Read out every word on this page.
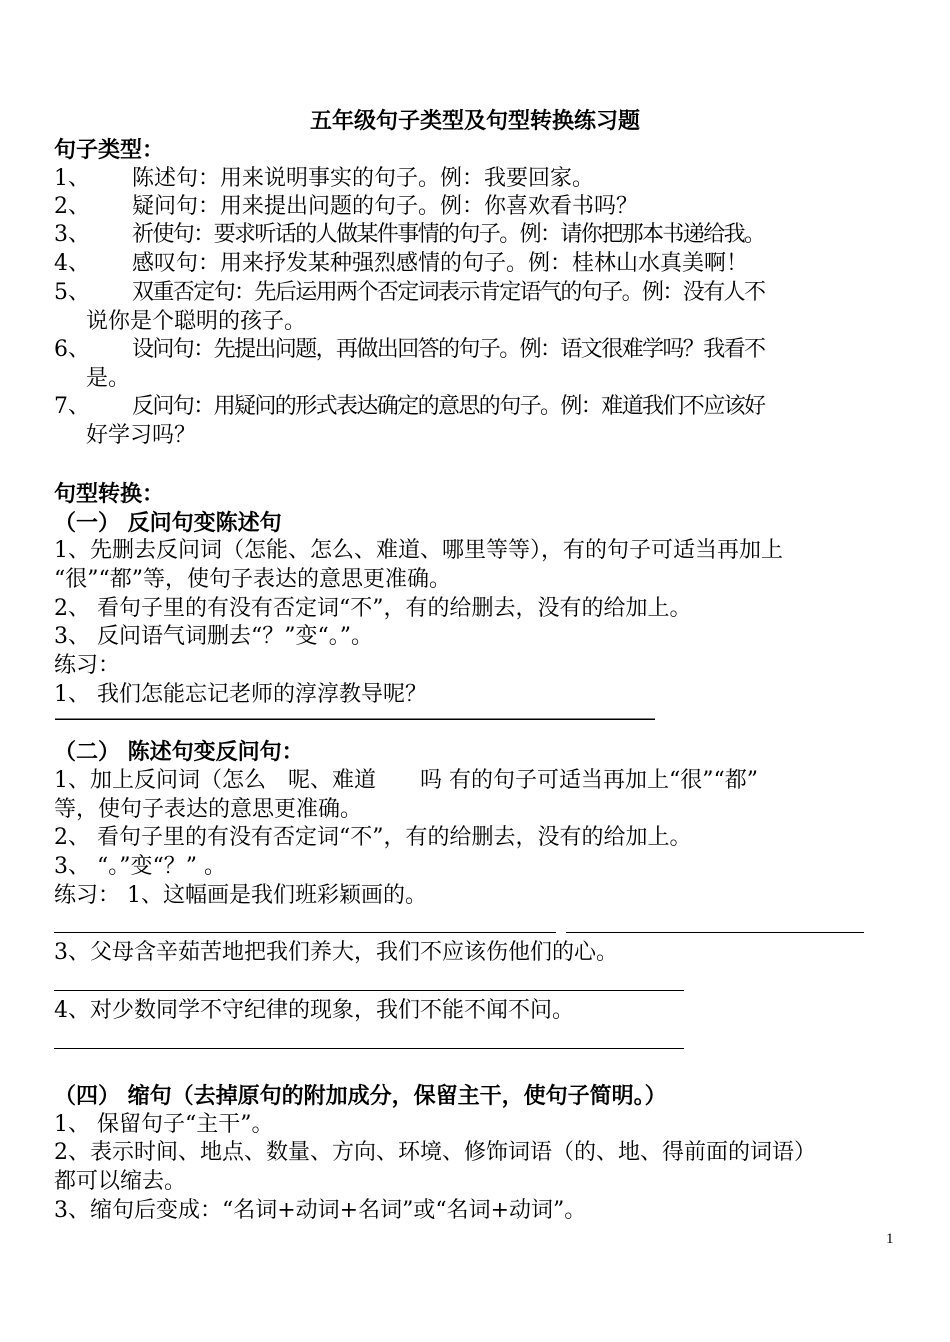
五年级句子类型及句型转换练习题
句子类型：
1、 陈述句：用来说明事实的句子。例：我要回家。
2、 疑问句：用来提出问题的句子。例：你喜欢看书吗？
3、 祈使句：要求听话的人做某件事情的句子。例：请你把那本书递给我。
4、 感叹句：用来抒发某种强烈感情的句子。例：桂林山水真美啊！
5、 双重否定句：先后运用两个否定词表示肯定语气的句子。例：没有人不
说你是个聪明的孩子。
6、 设问句：先提出问题，再做出回答的句子。例：语文很难学吗？我看不
是。
7、 反问句：用疑问的形式表达确定的意思的句子。例：难道我们不应该好
好学习吗？
句型转换：
（一） 反问句变陈述句
1、先删去反问词（怎能、怎么、难道、哪里等等），有的句子可适当再加上
“很”“都”等，使句子表达的意思更准确。
2、 看句子里的有没有否定词“不”，有的给删去，没有的给加上。
3、 反问语气词删去“？”变“。”。
练习：
1、 我们怎能忘记老师的淳淳教导呢？
——————————————————————————————
（二） 陈述句变反问句：
1、加上反问词（怎么　呢、难道　　吗 有的句子可适当再加上“很”“都”
等，使句子表达的意思更准确。
2、 看句子里的有没有否定词“不”，有的给删去，没有的给加上。
3、 “。”变“？” 。
练习： 1、这幅画是我们班彩颖画的。
3、父母含辛茹苦地把我们养大，我们不应该伤他们的心。
4、对少数同学不守纪律的现象，我们不能不闻不问。
（四） 缩句（去掉原句的附加成分，保留主干，使句子简明。）
1、 保留句子“主干”。
2、表示时间、地点、数量、方向、环境、修饰词语（的、地、得前面的词语）
都可以缩去。
3、缩句后变成：“名词+动词+名词”或“名词+动词”。
1
